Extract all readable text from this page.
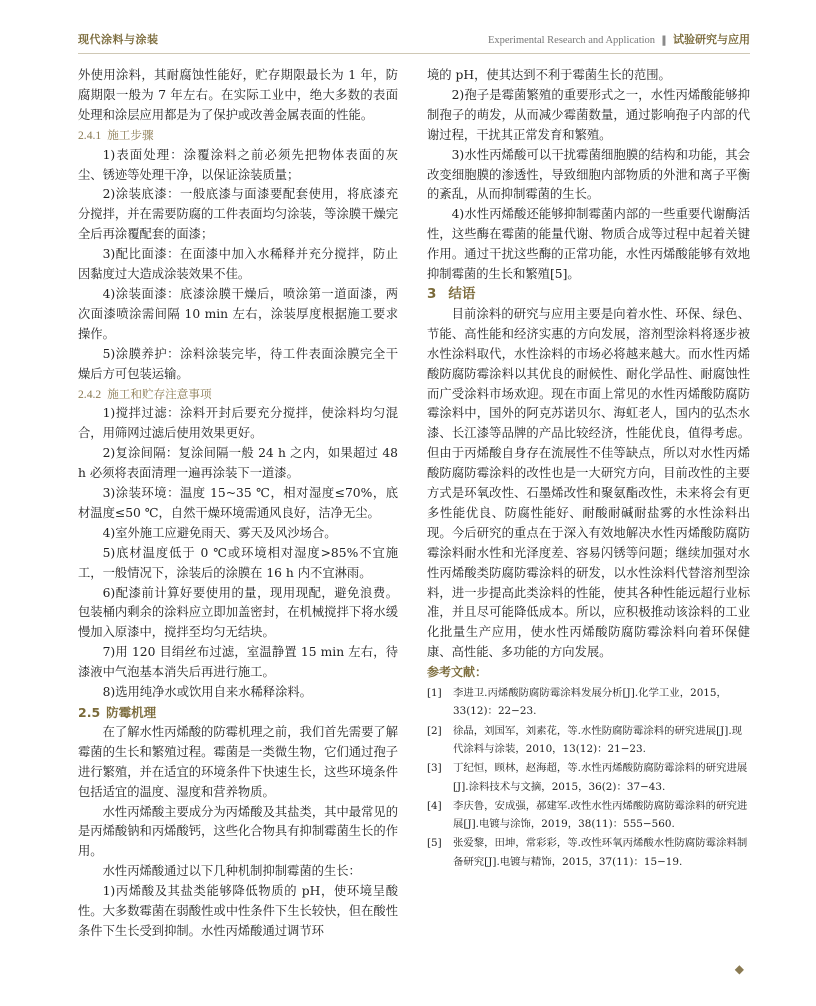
现代涂料与涂装	Experimental Research and Application ‖ 试验研究与应用

外使用涂料，其耐腐蚀性能好，贮存期限最长为 1 年，防腐期限一般为 7 年左右。在实际工业中，绝大多数的表面处理和涂层应用都是为了保护或改善金属表面的性能。

2.4.1 施工步骤

1)表面处理：涂覆涂料之前必须先把物体表面的灰尘、锈迹等处理干净，以保证涂装质量；

2)涂装底漆：一般底漆与面漆要配套使用，将底漆充分搅拌，并在需要防腐的工件表面均匀涂装，等涂膜干燥完全后再涂覆配套的面漆；

3)配比面漆：在面漆中加入水稀释并充分搅拌，防止因黏度过大造成涂装效果不佳。

4)涂装面漆：底漆涂膜干燥后，喷涂第一道面漆，两次面漆喷涂需间隔 10 min 左右，涂装厚度根据施工要求操作。

5)涂膜养护：涂料涂装完毕，待工件表面涂膜完全干燥后方可包装运输。

2.4.2 施工和贮存注意事项

1)搅拌过滤：涂料开封后要充分搅拌，使涂料均匀混合，用筛网过滤后使用效果更好。

2)复涂间隔：复涂间隔一般 24 h 之内，如果超过 48 h 必须将表面清理一遍再涂装下一道漆。

3)涂装环境：温度 15~35 ℃，相对湿度≤70%，底材温度≤50 ℃，自然干燥环境需通风良好，洁净无尘。

4)室外施工应避免雨天、雾天及风沙场合。

5)底材温度低于 0 ℃或环境相对湿度>85%不宜施工，一般情况下，涂装后的涂膜在 16 h 内不宜淋雨。

6)配漆前计算好要使用的量，现用现配，避免浪费。包装桶内剩余的涂料应立即加盖密封，在机械搅拌下将水缓慢加入原漆中，搅拌至均匀无结块。

7)用 120 目绢丝布过滤，室温静置 15 min 左右，待漆液中气泡基本消失后再进行施工。

8)选用纯净水或饮用自来水稀释涂料。

2.5 防霉机理

在了解水性丙烯酸的防霉机理之前，我们首先需要了解霉菌的生长和繁殖过程。霉菌是一类微生物，它们通过孢子进行繁殖，并在适宜的环境条件下快速生长，这些环境条件包括适宜的温度、湿度和营养物质。

水性丙烯酸主要成分为丙烯酸及其盐类，其中最常见的是丙烯酸钠和丙烯酸钙，这些化合物具有抑制霉菌生长的作用。

水性丙烯酸通过以下几种机制抑制霉菌的生长：

1)丙烯酸及其盐类能够降低物质的 pH，使环境呈酸性。大多数霉菌在弱酸性或中性条件下生长较快，但在酸性条件下生长受到抑制。水性丙烯酸通过调节环

境的 pH，使其达到不利于霉菌生长的范围。

2)孢子是霉菌繁殖的重要形式之一，水性丙烯酸能够抑制孢子的萌发，从而减少霉菌数量，通过影响孢子内部的代谢过程，干扰其正常发育和繁殖。

3)水性丙烯酸可以干扰霉菌细胞膜的结构和功能，其会改变细胞膜的渗透性，导致细胞内部物质的外泄和离子平衡的紊乱，从而抑制霉菌的生长。

4)水性丙烯酸还能够抑制霉菌内部的一些重要代谢酶活性，这些酶在霉菌的能量代谢、物质合成等过程中起着关键作用。通过干扰这些酶的正常功能，水性丙烯酸能够有效地抑制霉菌的生长和繁殖[5]。

3 结语

目前涂料的研究与应用主要是向着水性、环保、绿色、节能、高性能和经济实惠的方向发展，溶剂型涂料将逐步被水性涂料取代，水性涂料的市场必将越来越大。而水性丙烯酸防腐防霉涂料以其优良的耐候性、耐化学品性、耐腐蚀性而广受涂料市场欢迎。现在市面上常见的水性丙烯酸防腐防霉涂料中，国外的阿克苏诺贝尔、海虹老人，国内的弘杰水漆、长江漆等品牌的产品比较经济，性能优良，值得考虑。但由于丙烯酸自身存在流展性不佳等缺点，所以对水性丙烯酸防腐防霉涂料的改性也是一大研究方向，目前改性的主要方式是环氧改性、石墨烯改性和聚氨酯改性，未来将会有更多性能优良、防腐性能好、耐酸耐碱耐盐雾的水性涂料出现。今后研究的重点在于深入有效地解决水性丙烯酸防腐防霉涂料耐水性和光泽度差、容易闪锈等问题；继续加强对水性丙烯酸类防腐防霉涂料的研发，以水性涂料代替溶剂型涂料，进一步提高此类涂料的性能，使其各种性能远超行业标准，并且尽可能降低成本。所以，应积极推动该涂料的工业化批量生产应用，使水性丙烯酸防腐防霉涂料向着环保健康、高性能、多功能的方向发展。

参考文献：

[1] 李进卫.丙烯酸防腐防霉涂料发展分析[J].化学工业，2015，33(12)：22−23.
[2] 徐晶，刘国军，刘素花，等.水性防腐防霉涂料的研究进展[J].现代涂料与涂装，2010，13(12)：21−23.
[3] 丁纪恒，顾林，赵海超，等.水性丙烯酸防腐防霉涂料的研究进展[J].涂料技术与文摘，2015，36(2)：37−43.
[4] 李庆鲁，安成强，郝建军.改性水性丙烯酸防腐防霉涂料的研究进展[J].电镀与涂饰，2019，38(11)：555−560.
[5] 张爱黎，田坤，常彩彩，等.改性环氧丙烯酸水性防腐防霉涂料制备研究[J].电镀与精饰，2015，37(11)：15−19.
◆
